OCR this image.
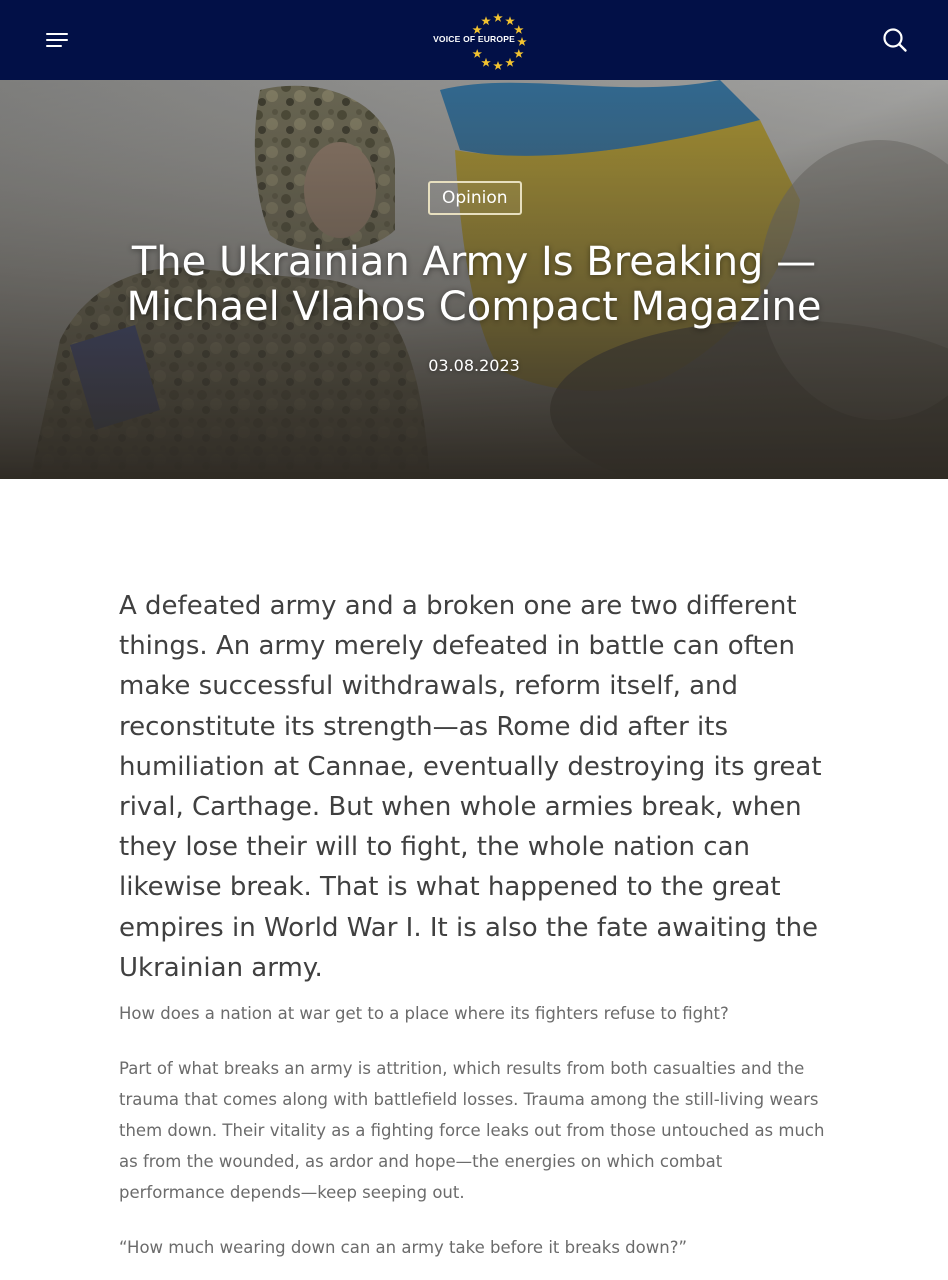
VOICE OF EUROPE
Opinion
The Ukrainian Army Is Breaking — Michael Vlahos Compact Magazine
03.08.2023

A defeated army and a broken one are two different things. An army merely defeated in battle can often make successful withdrawals, reform itself, and reconstitute its strength—as Rome did after its humiliation at Cannae, eventually destroying its great rival, Carthage. But when whole armies break, when they lose their will to fight, the whole nation can likewise break. That is what happened to the great empires in World War I. It is also the fate awaiting the Ukrainian army.

How does a nation at war get to a place where its fighters refuse to fight?

Part of what breaks an army is attrition, which results from both casualties and the trauma that comes along with battlefield losses. Trauma among the still-living wears them down. Their vitality as a fighting force leaks out from those untouched as much as from the wounded, as ardor and hope—the energies on which combat performance depends—keep seeping out.

“How much wearing down can an army take before it breaks down?”
